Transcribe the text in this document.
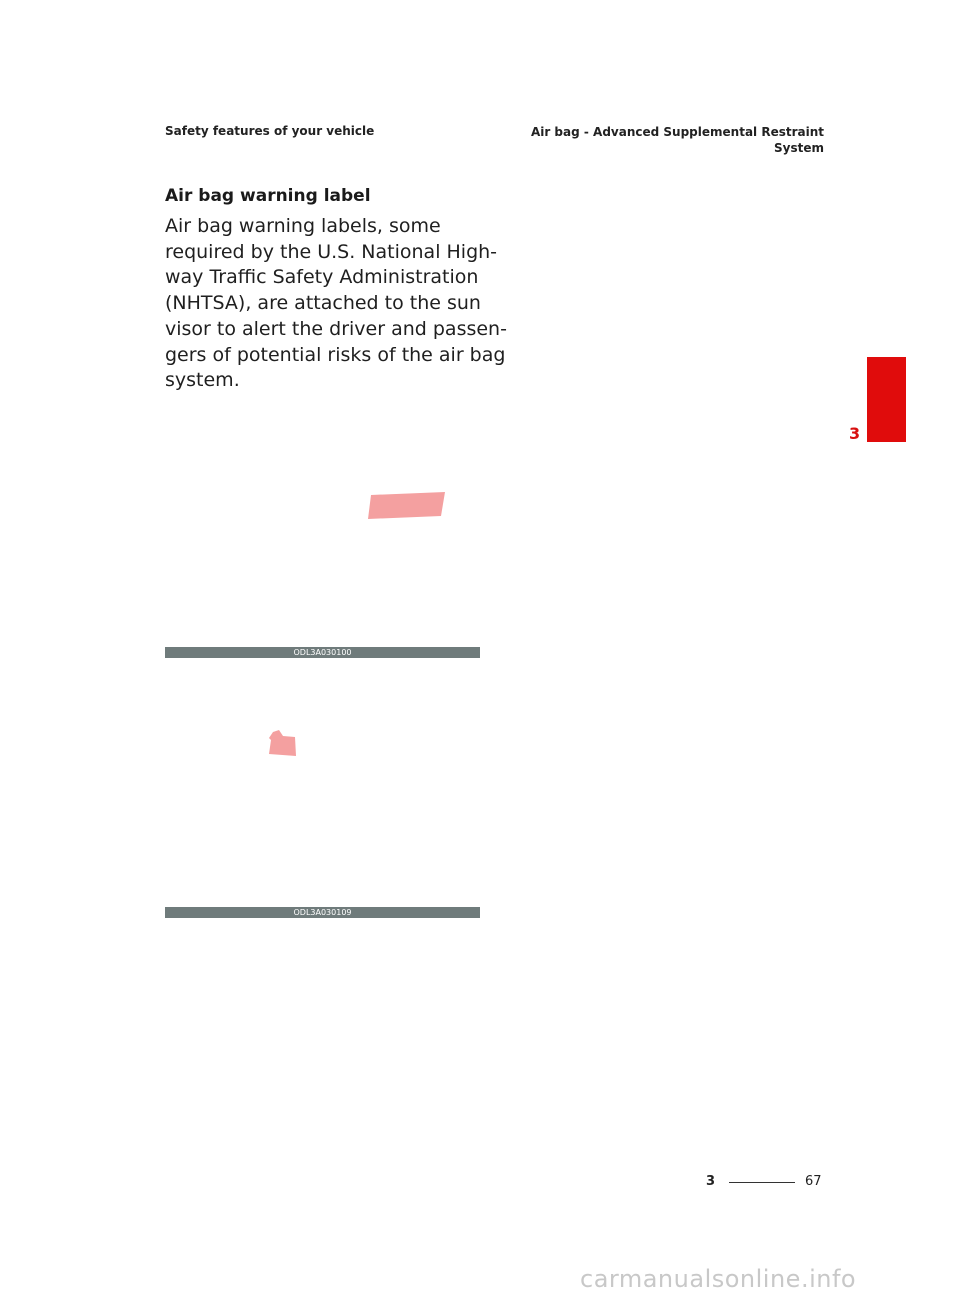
Safety features of your vehicle	Air bag - Advanced Supplemental Restraint
System
Air bag warning label

Air bag warning labels, some
required by the U.S. National High-
way Traffic Safety Administration
(NHTSA), are attached to the sun
visor to alert the driver and passen-
gers of potential risks of the air bag
system.

ODL3A030100
ODL3A030109
3
3	67
carmanualsonline.info
